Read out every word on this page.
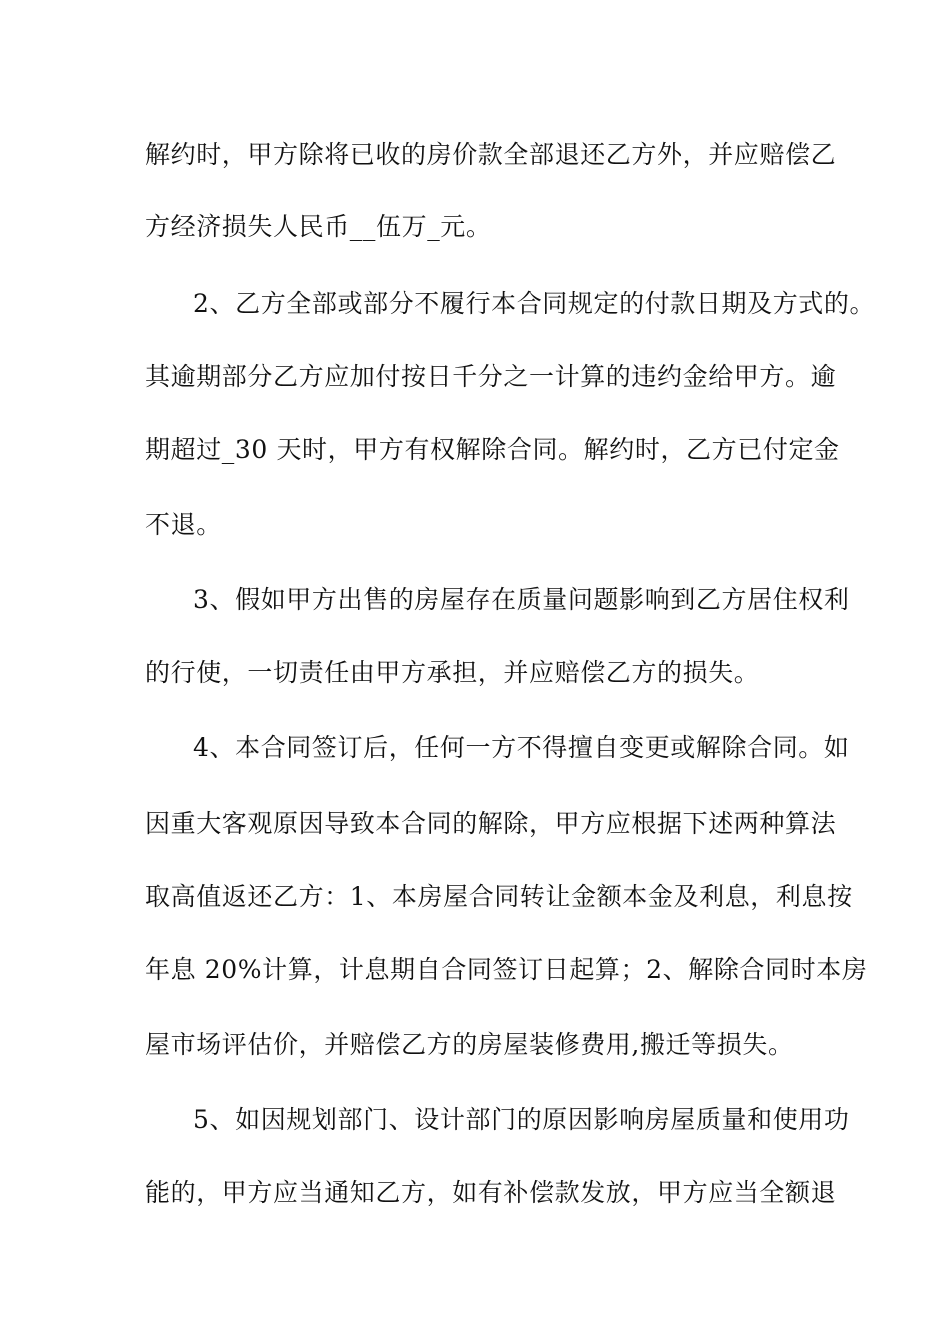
解约时，甲方除将已收的房价款全部退还乙方外，并应赔偿乙
方经济损失人民币__伍万_元。
2、乙方全部或部分不履行本合同规定的付款日期及方式的。
其逾期部分乙方应加付按日千分之一计算的违约金给甲方。逾
期超过_30 天时，甲方有权解除合同。解约时，乙方已付定金
不退。
3、假如甲方出售的房屋存在质量问题影响到乙方居住权利
的行使，一切责任由甲方承担，并应赔偿乙方的损失。
4、本合同签订后，任何一方不得擅自变更或解除合同。如
因重大客观原因导致本合同的解除，甲方应根据下述两种算法
取高值返还乙方：1、本房屋合同转让金额本金及利息，利息按
年息 20%计算，计息期自合同签订日起算；2、解除合同时本房
屋市场评估价，并赔偿乙方的房屋装修费用,搬迁等损失。
5、如因规划部门、设计部门的原因影响房屋质量和使用功
能的，甲方应当通知乙方，如有补偿款发放，甲方应当全额退
